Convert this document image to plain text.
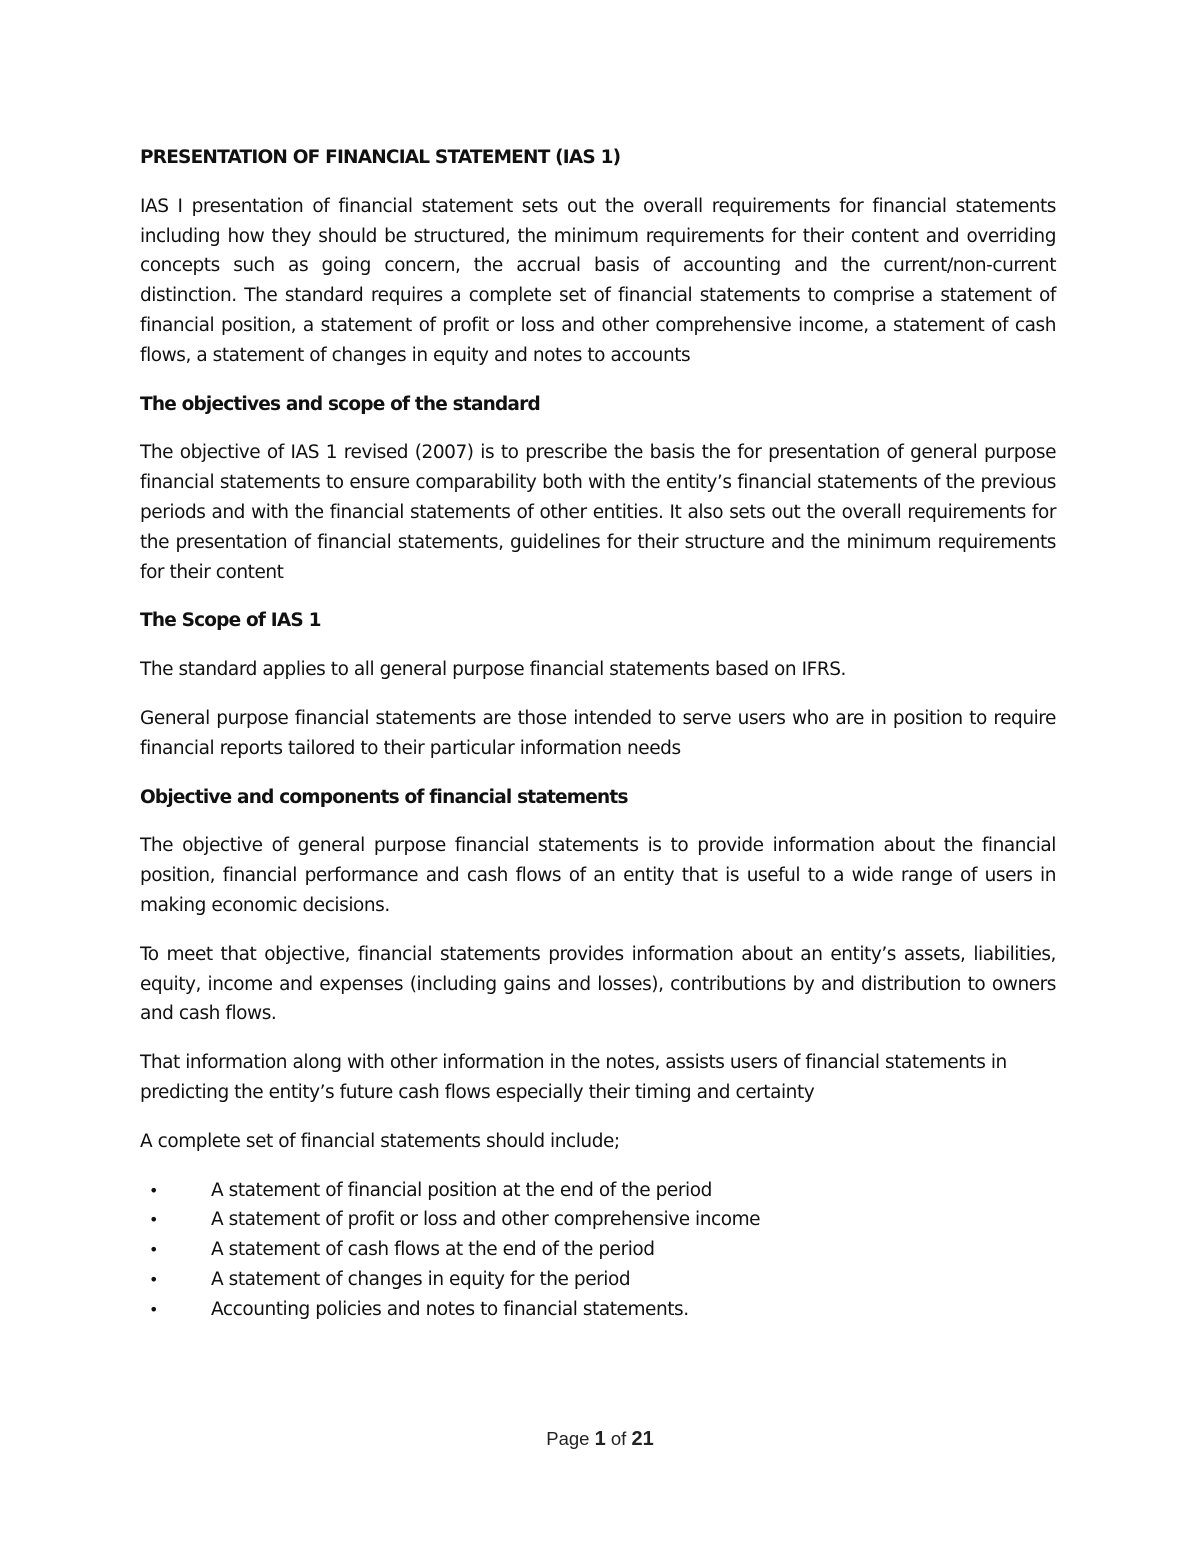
PRESENTATION OF FINANCIAL STATEMENT (IAS 1)

IAS I presentation of financial statement sets out the overall requirements for financial statements including how they should be structured, the minimum requirements for their content and overriding concepts such as going concern, the accrual basis of accounting and the current/non-current distinction. The standard requires a complete set of financial statements to comprise a statement of financial position, a statement of profit or loss and other comprehensive income, a statement of cash flows, a statement of changes in equity and notes to accounts

The objectives and scope of the standard

The objective of IAS 1 revised (2007) is to prescribe the basis the for presentation of general purpose financial statements to ensure comparability both with the entity’s financial statements of the previous periods and with the financial statements of other entities. It also sets out the overall requirements for the presentation of financial statements, guidelines for their structure and the minimum requirements for their content

The Scope of IAS 1

The standard applies to all general purpose financial statements based on IFRS.

General purpose financial statements are those intended to serve users who are in position to require financial reports tailored to their particular information needs

Objective and components of financial statements

The objective of general purpose financial statements is to provide information about the financial position, financial performance and cash flows of an entity that is useful to a wide range of users in making economic decisions.

To meet that objective, financial statements provides information about an entity’s assets, liabilities, equity, income and expenses (including gains and losses), contributions by and distribution to owners and cash flows.

That information along with other information in the notes, assists users of financial statements in predicting the entity’s future cash flows especially their timing and certainty

A complete set of financial statements should include;

•	A statement of financial position at the end of the period
•	A statement of profit or loss and other comprehensive income
•	A statement of cash flows at the end of the period
•	A statement of changes in equity for the period
•	Accounting policies and notes to financial statements.
Page 1 of 21
